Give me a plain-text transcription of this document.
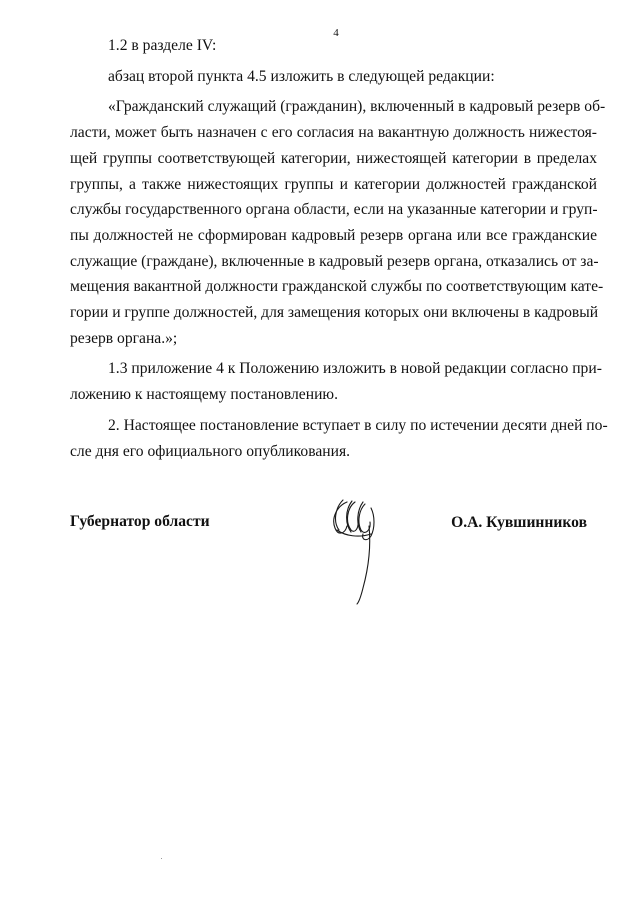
4

1.2 в разделе IV:

абзац второй пункта 4.5 изложить в следующей редакции:

«Гражданский служащий (гражданин), включенный в кадровый резерв об-
ласти, может быть назначен с его согласия на вакантную должность нижестоя-
щей группы соответствующей категории, нижестоящей категории в пределах
группы, а также нижестоящих группы и категории должностей гражданской
службы государственного органа области, если на указанные категории и груп-
пы должностей не сформирован кадровый резерв органа или все гражданские
служащие (граждане), включенные в кадровый резерв органа, отказались от за-
мещения вакантной должности гражданской службы по соответствующим кате-
гории и группе должностей, для замещения которых они включены в кадровый
резерв органа.»;

1.3 приложение 4 к Положению изложить в новой редакции согласно при-
ложению к настоящему постановлению.

2. Настоящее постановление вступает в силу по истечении десяти дней по-
сле дня его официального опубликования.

Губернатор области	О.А. Кувшинников
